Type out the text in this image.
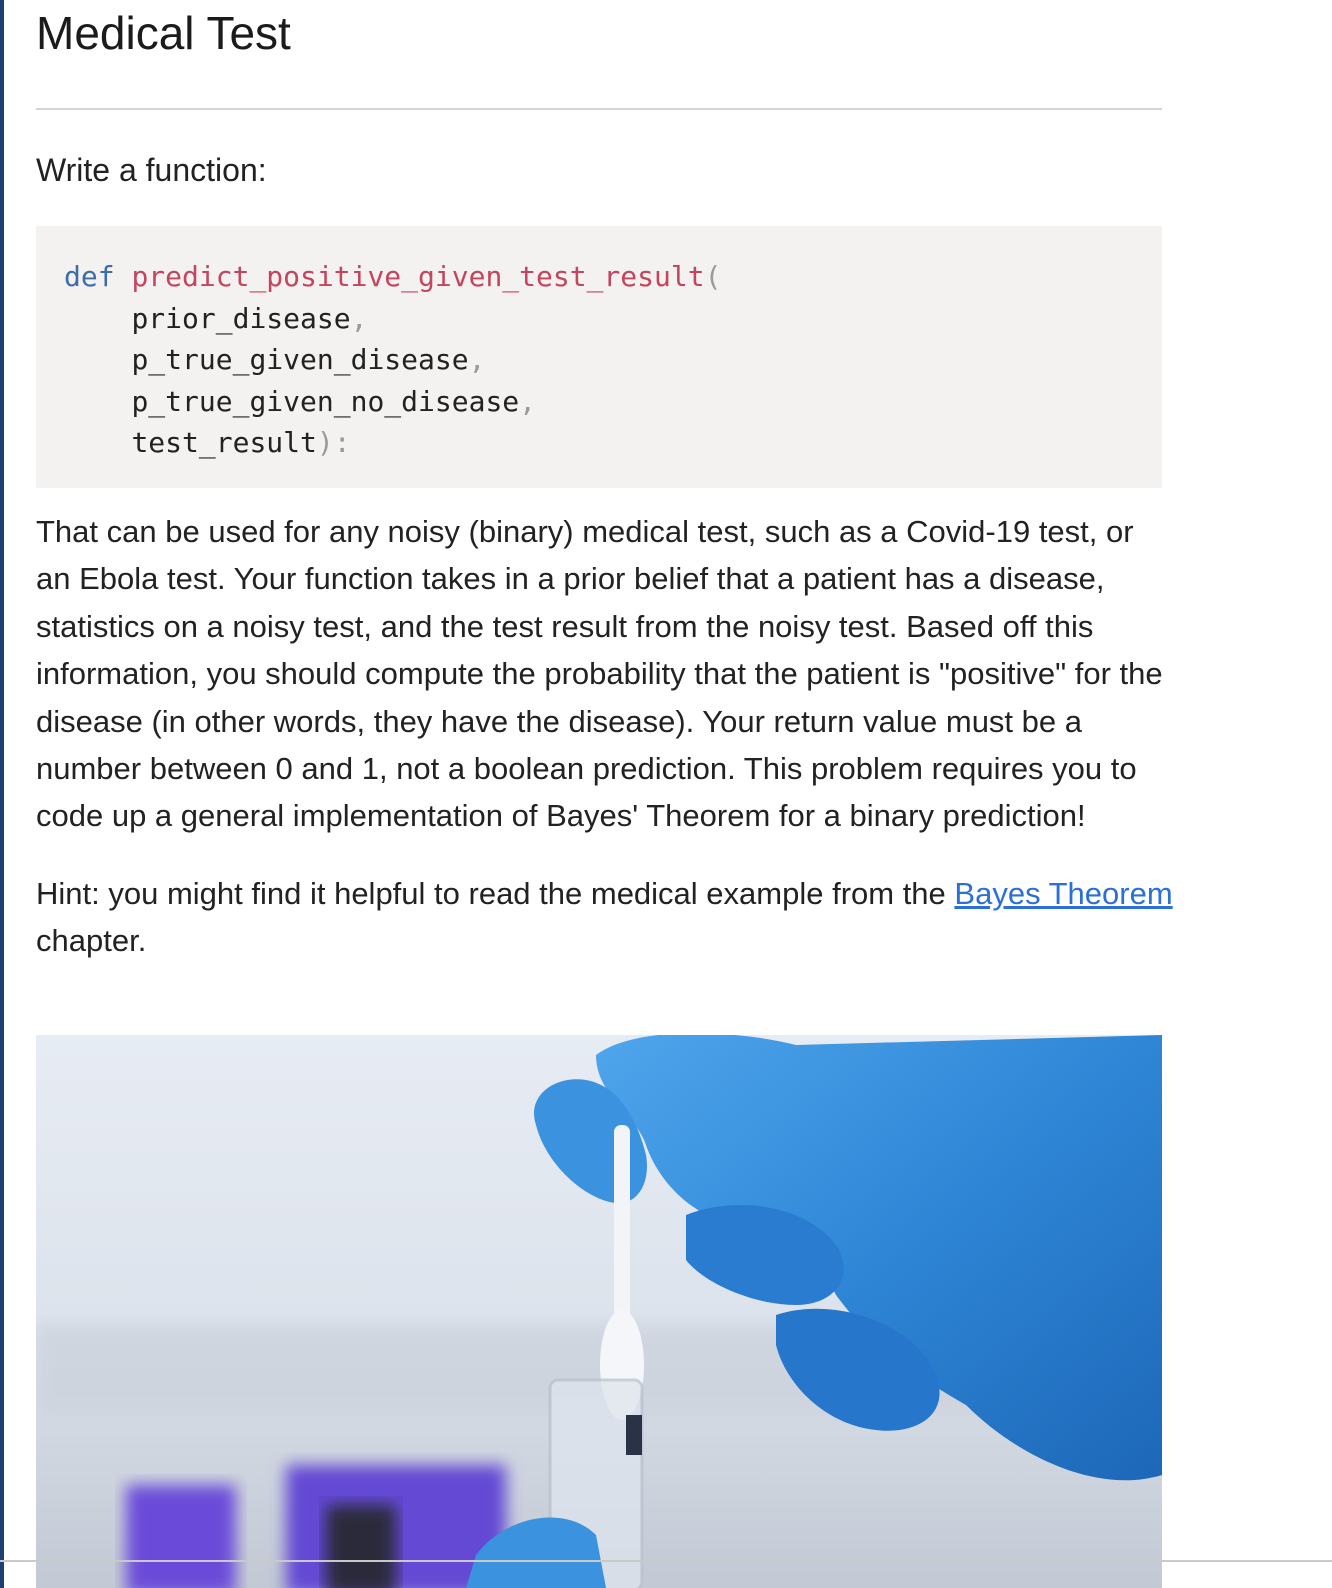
Medical Test

Write a function:

def predict_positive_given_test_result(
prior_disease,
p_true_given_disease,
p_true_given_no_disease,
test_result):

That can be used for any noisy (binary) medical test, such as a Covid-19 test, or an Ebola test. Your function takes in a prior belief that a patient has a disease, statistics on a noisy test, and the test result from the noisy test. Based off this information, you should compute the probability that the patient is "positive" for the disease (in other words, they have the disease). Your return value must be a number between 0 and 1, not a boolean prediction. This problem requires you to code up a general implementation of Bayes' Theorem for a binary prediction!

Hint: you might find it helpful to read the medical example from the Bayes Theorem chapter.
